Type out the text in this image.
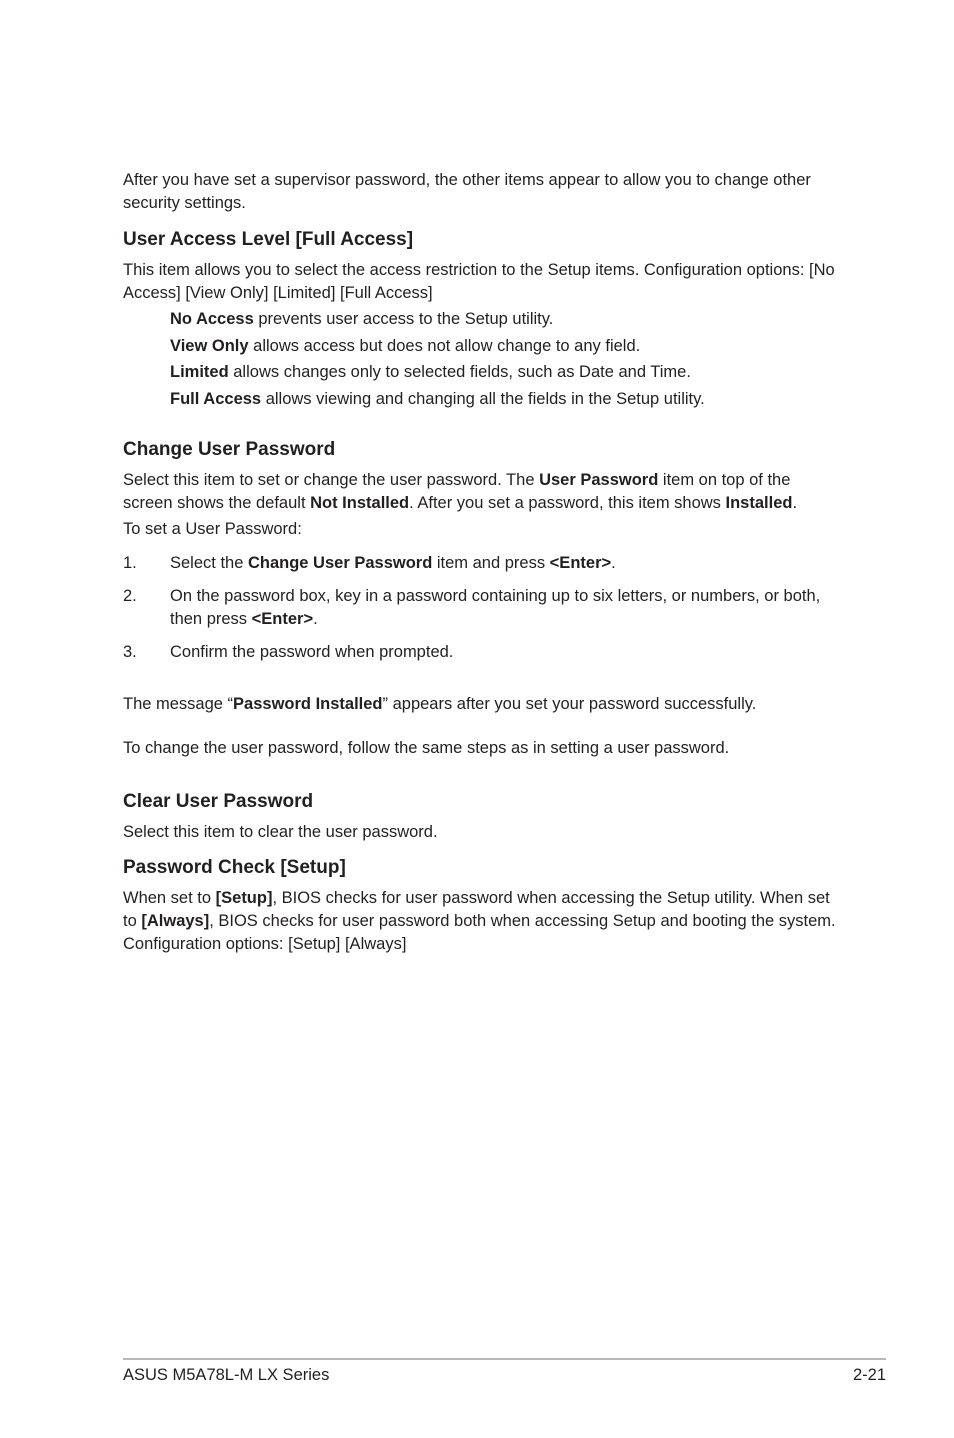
After you have set a supervisor password, the other items appear to allow you to change other security settings.

User Access Level [Full Access]

This item allows you to select the access restriction to the Setup items. Configuration options: [No Access] [View Only] [Limited] [Full Access]

No Access prevents user access to the Setup utility.
View Only allows access but does not allow change to any field.
Limited allows changes only to selected fields, such as Date and Time.
Full Access allows viewing and changing all the fields in the Setup utility.
Change User Password

Select this item to set or change the user password. The User Password item on top of the screen shows the default Not Installed. After you set a password, this item shows Installed.

To set a User Password:

1. Select the Change User Password item and press <Enter>.
2. On the password box, key in a password containing up to six letters, or numbers, or both, then press <Enter>.
3. Confirm the password when prompted.

The message “Password Installed” appears after you set your password successfully.

To change the user password, follow the same steps as in setting a user password.

Clear User Password

Select this item to clear the user password.

Password Check [Setup]

When set to [Setup], BIOS checks for user password when accessing the Setup utility. When set to [Always], BIOS checks for user password both when accessing Setup and booting the system. Configuration options: [Setup] [Always]

ASUS M5A78L-M LX Series	2-21
